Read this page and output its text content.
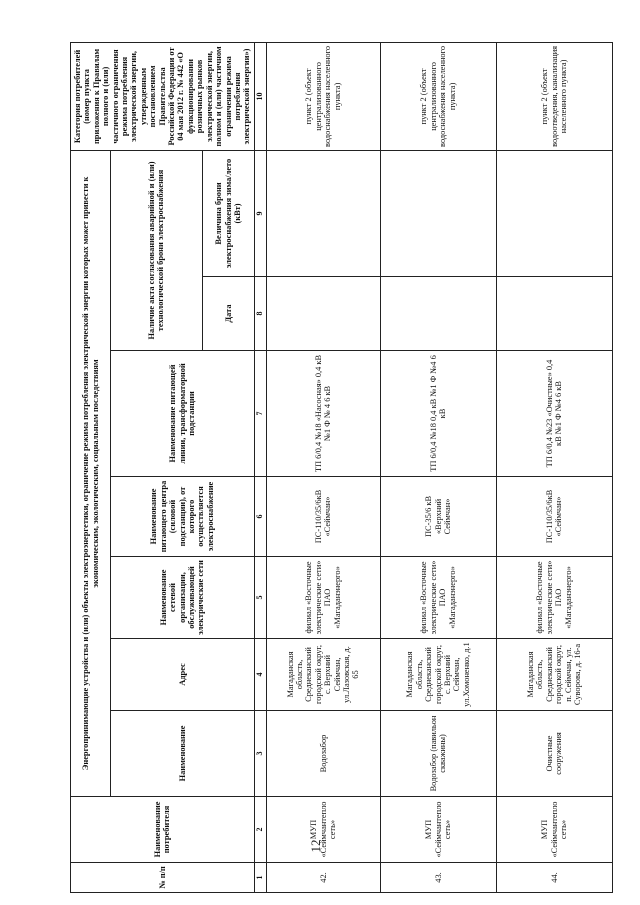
12
№ п/п	Наименование потребителя	Энергопринимающие устройства и (или) объекты электроэнергетики, ограничение режима потребления электрической энергии которых может привести к экономическим, экологическим, социальным последствиям							Категория потребителей (номер пункта приложения к Правилам полного и (или) частичного ограничения режима потребления электрической энергии, утвержденным постановлением Правительства Российской Федерации от 04 мая 2012 г. № 442 «О функционировании розничных рынков электрической энергии, полном и (или) частичном ограничении режима потребления электрической энергии»)
		Наименование	Адрес	Наименование сетевой организации, обслуживающей электрические сети	Наименование питающего центра (силовой подстанции), от которого осуществляется электроснабжение	Наименование питающей линии, трансформаторной подстанции	Наличие акта согласования аварийной и (или) технологической брони электроснабжения		
							Дата	Величина брони электроснабжения зима/лето (кВт)	
1	2	3	4	5	6	7	8	9	10
42.	МУП «Сеймчантепло сеть»	Водозабор	Магаданская область, Среднеканский городской округ, с. Верхний Сеймчан, ул.Лазовская, д. 65	филиал «Восточные электрические сети» ПАО «Магаданэнерго»	ПС-110/35/6кВ «Сеймчан»	ТП 6/0,4 №18 «Насосная» 0,4 кВ №1 Ф № 4 6 кВ			пункт 2 (объект централизованного водоснабжения населенного пункта)
43.	МУП «Сеймчантепло сеть»	Водозабор (павильон скважины)	Магаданская область, Среднеканский городской округ, с. Верхний Сеймчан, ул.Хомоненко, д.1	филиал «Восточные электрические сети» ПАО «Магаданэнерго»	ПС-35/6 кВ «Верхний Сеймчан»	ТП 6/0,4 №18 0,4 кВ №1 Ф №4 6 кВ			пункт 2 (объект централизованного водоснабжения населенного пункта)
44.	МУП «Сеймчантепло сеть»	Очистные сооружения	Магаданская область, Среднеканский городской округ, п. Сеймчан, ул. Суворова, д. 16-а	филиал «Восточные электрические сети» ПАО «Магаданэнерго»	ПС-110/35/6кВ «Сеймчан»	ТП 6/0,4 №23 «Очистные» 0,4 кВ №1 Ф №4 6 кВ			пункт 2 (объект водоотведения, канализация населенного пункта)
